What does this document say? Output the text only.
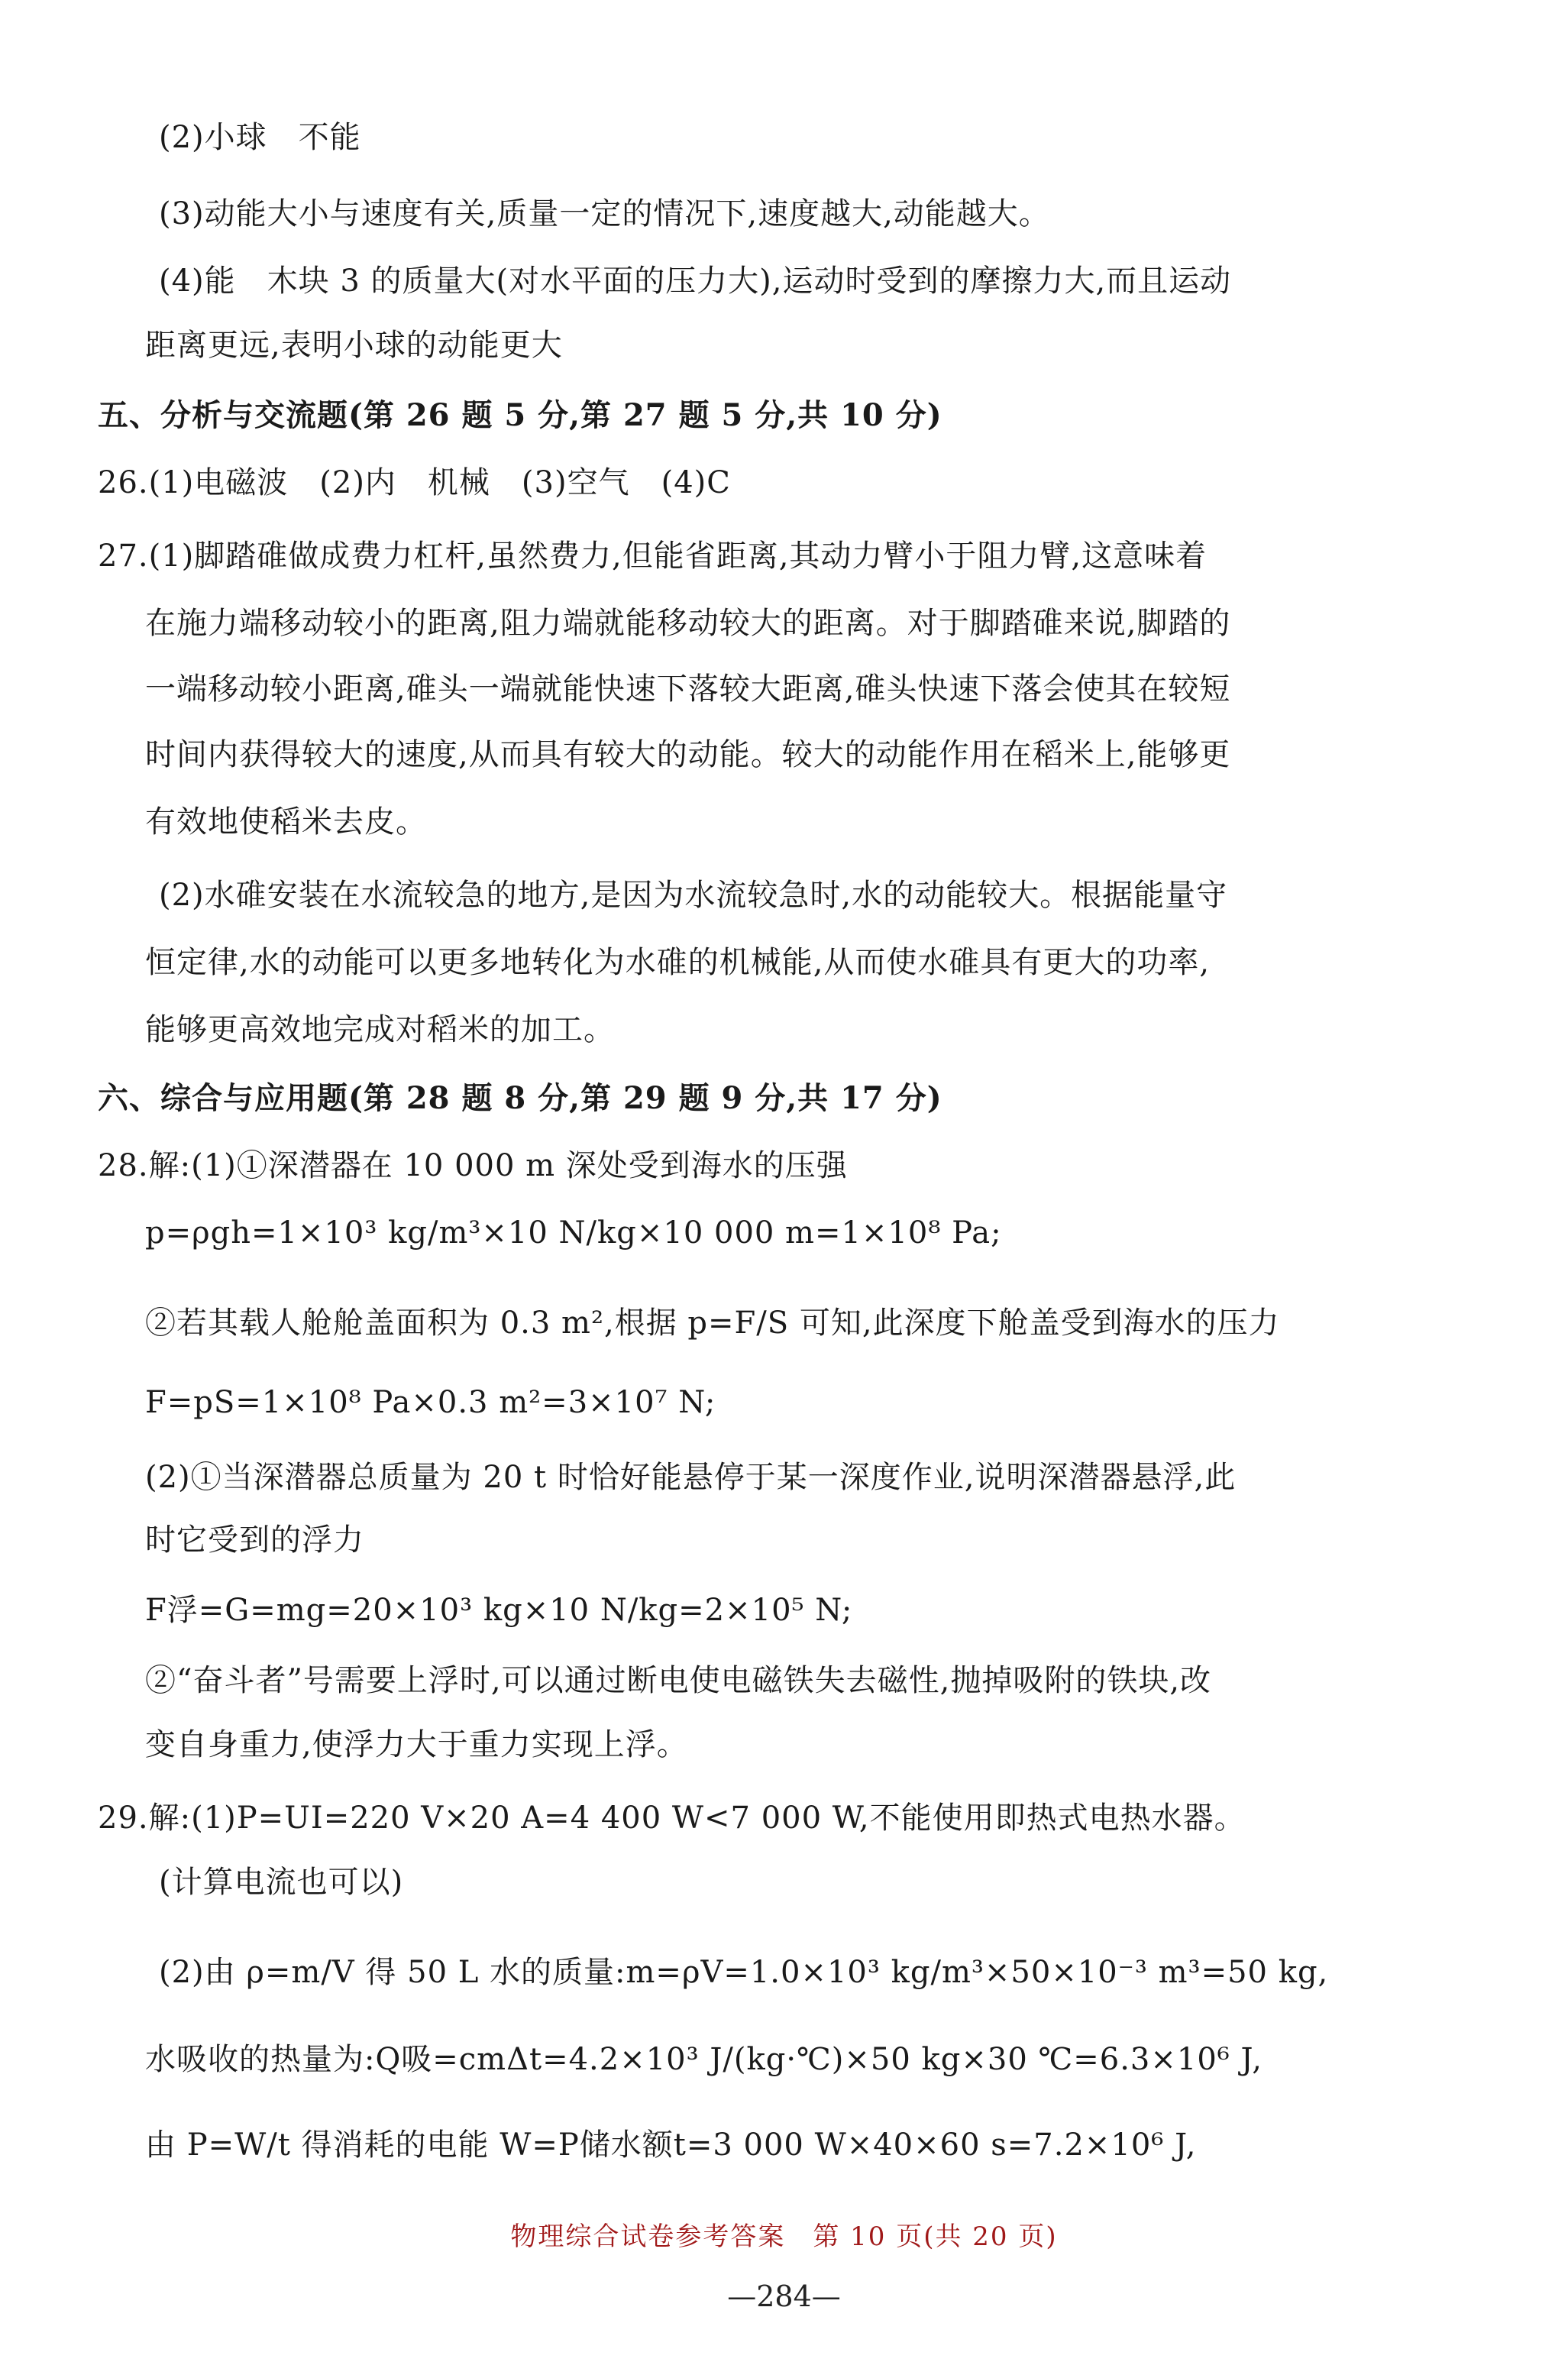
(2)小球　不能
(3)动能大小与速度有关,质量一定的情况下,速度越大,动能越大。
(4)能　木块 3 的质量大(对水平面的压力大),运动时受到的摩擦力大,而且运动
距离更远,表明小球的动能更大
五、分析与交流题(第 26 题 5 分,第 27 题 5 分,共 10 分)
26.(1)电磁波　(2)内　机械　(3)空气　(4)C
27.(1)脚踏碓做成费力杠杆,虽然费力,但能省距离,其动力臂小于阻力臂,这意味着
在施力端移动较小的距离,阻力端就能移动较大的距离。对于脚踏碓来说,脚踏的
一端移动较小距离,碓头一端就能快速下落较大距离,碓头快速下落会使其在较短
时间内获得较大的速度,从而具有较大的动能。较大的动能作用在稻米上,能够更
有效地使稻米去皮。
(2)水碓安装在水流较急的地方,是因为水流较急时,水的动能较大。根据能量守
恒定律,水的动能可以更多地转化为水碓的机械能,从而使水碓具有更大的功率,
能够更高效地完成对稻米的加工。
六、综合与应用题(第 28 题 8 分,第 29 题 9 分,共 17 分)
28.解:(1)①深潜器在 10 000 m 深处受到海水的压强
p=ρgh=1×10³ kg/m³×10 N/kg×10 000 m=1×10⁸ Pa;
②若其载人舱舱盖面积为 0.3 m²,根据 p=F/S 可知,此深度下舱盖受到海水的压力
F=pS=1×10⁸ Pa×0.3 m²=3×10⁷ N;
(2)①当深潜器总质量为 20 t 时恰好能悬停于某一深度作业,说明深潜器悬浮,此
时它受到的浮力
F浮=G=mg=20×10³ kg×10 N/kg=2×10⁵ N;
②“奋斗者”号需要上浮时,可以通过断电使电磁铁失去磁性,抛掉吸附的铁块,改
变自身重力,使浮力大于重力实现上浮。
29.解:(1)P=UI=220 V×20 A=4 400 W<7 000 W,不能使用即热式电热水器。
(计算电流也可以)
(2)由 ρ=m/V 得 50 L 水的质量:m=ρV=1.0×10³ kg/m³×50×10⁻³ m³=50 kg,
水吸收的热量为:Q吸=cmΔt=4.2×10³ J/(kg·℃)×50 kg×30 ℃=6.3×10⁶ J,
由 P=W/t 得消耗的电能 W=P储水额t=3 000 W×40×60 s=7.2×10⁶ J,
物理综合试卷参考答案　第 10 页(共 20 页)
—284—
